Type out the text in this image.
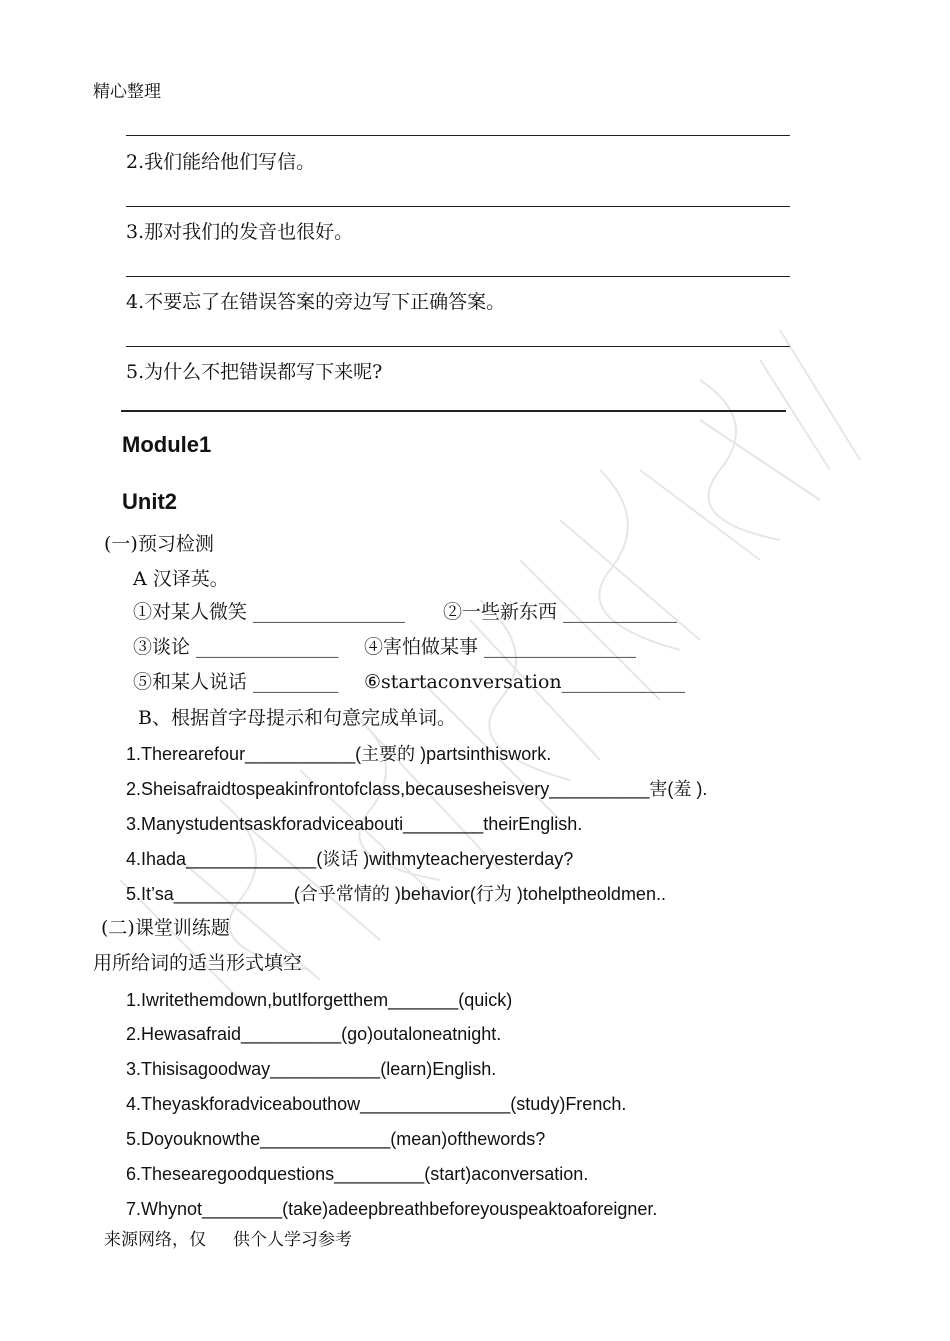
精心整理
2.我们能给他们写信。
3.那对我们的发音也很好。
4.不要忘了在错误答案的旁边写下正确答案。
5.为什么不把错误都写下来呢?
Module1
Unit2
(一)预习检测
A 汉译英。
①对某人微笑 ________________ ②一些新东西 ____________
③谈论 _______________ ④害怕做某事 ________________
⑤和某人说话 _________ ⑥startaconversation_____________
B、根据首字母提示和句意完成单词。
1.Therearefour___________(主要的 )partsinthiswork.
2.Sheisafraidtospeakinfrontofclass,becausesheisvery__________害(羞 ).
3.Manystudentsaskforadviceabouti________theirEnglish.
4.Ihada_____________(谈话 )withmyteacheryesterday?
5.It’sa____________(合乎常情的 )behavior(行为 )tohelptheoldmen..
(二)课堂训练题
用所给词的适当形式填空
1.Iwritethemdown,butIforgetthem_______(quick)
2.Hewasafraid__________(go)outaloneatnight.
3.Thisisagoodway___________(learn)English.
4.Theyaskforadviceabouthow_______________(study)French.
5.Doyouknowthe_____________(mean)ofthewords?
6.Thesearegoodquestions_________(start)aconversation.
7.Whynot________(take)adeepbreathbeforeyouspeaktoaforeigner.
来源网络，仅     供个人学习参考
